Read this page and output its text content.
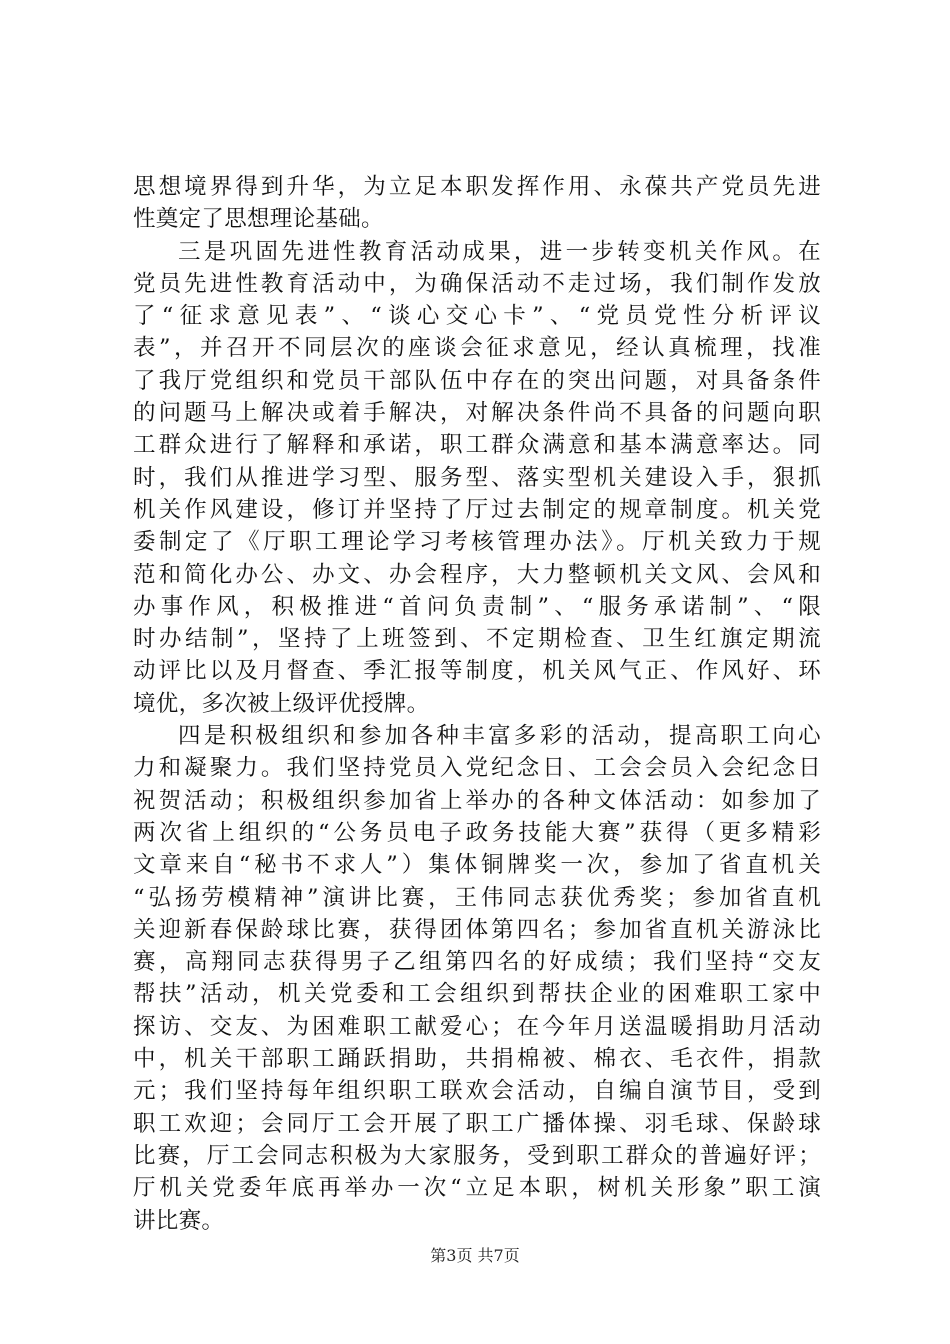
思想境界得到升华，为立足本职发挥作用、永葆共产党员先进
性奠定了思想理论基础。
三是巩固先进性教育活动成果，进一步转变机关作风。在
党员先进性教育活动中，为确保活动不走过场，我们制作发放
了“征求意见表”、“谈心交心卡”、“党员党性分析评议
表”，并召开不同层次的座谈会征求意见，经认真梳理，找准
了我厅党组织和党员干部队伍中存在的突出问题，对具备条件
的问题马上解决或着手解决，对解决条件尚不具备的问题向职
工群众进行了解释和承诺，职工群众满意和基本满意率达。同
时，我们从推进学习型、服务型、落实型机关建设入手，狠抓
机关作风建设，修订并坚持了厅过去制定的规章制度。机关党
委制定了《厅职工理论学习考核管理办法》。厅机关致力于规
范和简化办公、办文、办会程序，大力整顿机关文风、会风和
办事作风，积极推进“首问负责制”、“服务承诺制”、“限
时办结制”，坚持了上班签到、不定期检查、卫生红旗定期流
动评比以及月督查、季汇报等制度，机关风气正、作风好、环
境优，多次被上级评优授牌。
四是积极组织和参加各种丰富多彩的活动，提高职工向心
力和凝聚力。我们坚持党员入党纪念日、工会会员入会纪念日
祝贺活动；积极组织参加省上举办的各种文体活动：如参加了
两次省上组织的“公务员电子政务技能大赛”获得（更多精彩
文章来自“秘书不求人”）集体铜牌奖一次，参加了省直机关
“弘扬劳模精神”演讲比赛，王伟同志获优秀奖；参加省直机
关迎新春保龄球比赛，获得团体第四名；参加省直机关游泳比
赛，高翔同志获得男子乙组第四名的好成绩；我们坚持“交友
帮扶”活动，机关党委和工会组织到帮扶企业的困难职工家中
探访、交友、为困难职工献爱心；在今年月送温暖捐助月活动
中，机关干部职工踊跃捐助，共捐棉被、棉衣、毛衣件，捐款
元；我们坚持每年组织职工联欢会活动，自编自演节目，受到
职工欢迎；会同厅工会开展了职工广播体操、羽毛球、保龄球
比赛，厅工会同志积极为大家服务，受到职工群众的普遍好评；
厅机关党委年底再举办一次“立足本职，树机关形象”职工演
讲比赛。
第3页 共7页
